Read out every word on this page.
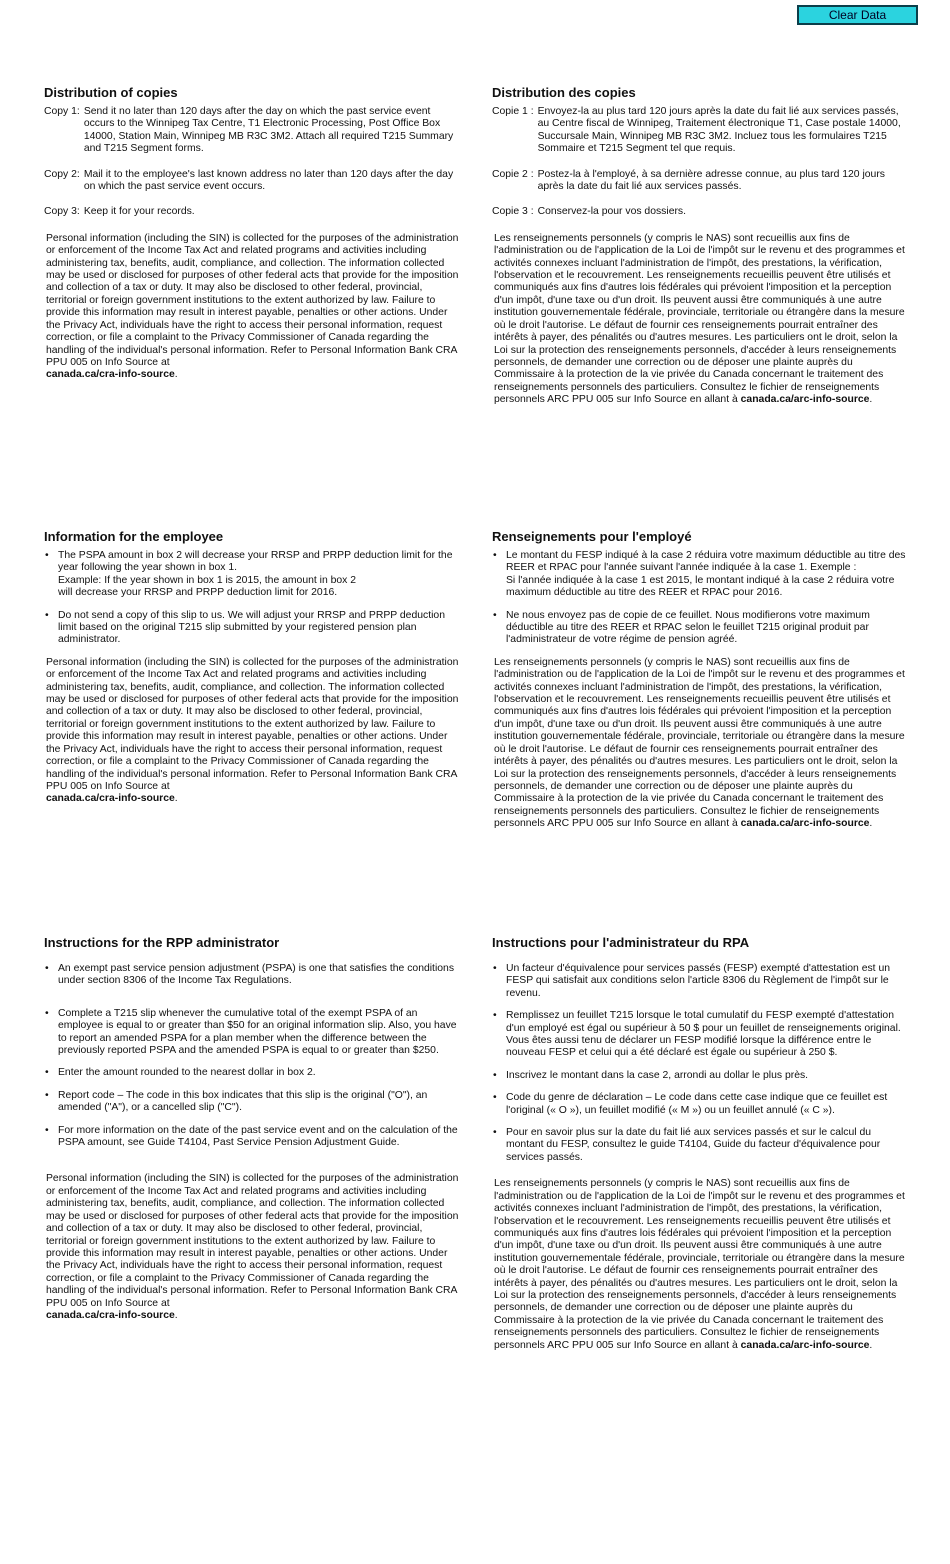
Clear Data
Distribution of copies
Copy 1: Send it no later than 120 days after the day on which the past service event occurs to the Winnipeg Tax Centre, T1 Electronic Processing, Post Office Box 14000, Station Main, Winnipeg MB R3C 3M2. Attach all required T215 Summary and T215 Segment forms.
Copy 2: Mail it to the employee's last known address no later than 120 days after the day on which the past service event occurs.
Copy 3: Keep it for your records.

Personal information (including the SIN) is collected for the purposes of the administration or enforcement of the Income Tax Act and related programs and activities including administering tax, benefits, audit, compliance, and collection. The information collected may be used or disclosed for purposes of other federal acts that provide for the imposition and collection of a tax or duty. It may also be disclosed to other federal, provincial, territorial or foreign government institutions to the extent authorized by law. Failure to provide this information may result in interest payable, penalties or other actions. Under the Privacy Act, individuals have the right to access their personal information, request correction, or file a complaint to the Privacy Commissioner of Canada regarding the handling of the individual's personal information. Refer to Personal Information Bank CRA PPU 005 on Info Source at
canada.ca/cra-info-source.

Distribution des copies
Copie 1 : Envoyez-la au plus tard 120 jours après la date du fait lié aux services passés, au Centre fiscal de Winnipeg, Traitement électronique T1, Case postale 14000, Succursale Main, Winnipeg MB R3C 3M2. Incluez tous les formulaires T215 Sommaire et T215 Segment tel que requis.
Copie 2 : Postez-la à l'employé, à sa dernière adresse connue, au plus tard 120 jours après la date du fait lié aux services passés.
Copie 3 : Conservez-la pour vos dossiers.

Les renseignements personnels (y compris le NAS) sont recueillis aux fins de l'administration ou de l'application de la Loi de l'impôt sur le revenu et des programmes et activités connexes incluant l'administration de l'impôt, des prestations, la vérification, l'observation et le recouvrement. Les renseignements recueillis peuvent être utilisés et communiqués aux fins d'autres lois fédérales qui prévoient l'imposition et la perception d'un impôt, d'une taxe ou d'un droit. Ils peuvent aussi être communiqués à une autre institution gouvernementale fédérale, provinciale, territoriale ou étrangère dans la mesure où le droit l'autorise. Le défaut de fournir ces renseignements pourrait entraîner des intérêts à payer, des pénalités ou d'autres mesures. Les particuliers ont le droit, selon la Loi sur la protection des renseignements personnels, d'accéder à leurs renseignements personnels, de demander une correction ou de déposer une plainte auprès du Commissaire à la protection de la vie privée du Canada concernant le traitement des renseignements personnels des particuliers. Consultez le fichier de renseignements personnels ARC PPU 005 sur Info Source en allant à canada.ca/arc-info-source.

Information for the employee
• The PSPA amount in box 2 will decrease your RRSP and PRPP deduction limit for the year following the year shown in box 1.
Example: If the year shown in box 1 is 2015, the amount in box 2
will decrease your RRSP and PRPP deduction limit for 2016.
• Do not send a copy of this slip to us. We will adjust your RRSP and PRPP deduction limit based on the original T215 slip submitted by your registered pension plan administrator.

Personal information (including the SIN) is collected for the purposes of the administration or enforcement of the Income Tax Act and related programs and activities including administering tax, benefits, audit, compliance, and collection. The information collected may be used or disclosed for purposes of other federal acts that provide for the imposition and collection of a tax or duty. It may also be disclosed to other federal, provincial, territorial or foreign government institutions to the extent authorized by law. Failure to provide this information may result in interest payable, penalties or other actions. Under the Privacy Act, individuals have the right to access their personal information, request correction, or file a complaint to the Privacy Commissioner of Canada regarding the handling of the individual's personal information. Refer to Personal Information Bank CRA PPU 005 on Info Source at
canada.ca/cra-info-source.

Renseignements pour l'employé
• Le montant du FESP indiqué à la case 2 réduira votre maximum déductible au titre des REER et RPAC pour l'année suivant l'année indiquée à la case 1. Exemple :
Si l'année indiquée à la case 1 est 2015, le montant indiqué à la case 2 réduira votre maximum déductible au titre des REER et RPAC pour 2016.
• Ne nous envoyez pas de copie de ce feuillet. Nous modifierons votre maximum déductible au titre des REER et RPAC selon le feuillet T215 original produit par l'administrateur de votre régime de pension agréé.

Les renseignements personnels (y compris le NAS) sont recueillis aux fins de l'administration ou de l'application de la Loi de l'impôt sur le revenu et des programmes et activités connexes incluant l'administration de l'impôt, des prestations, la vérification, l'observation et le recouvrement. Les renseignements recueillis peuvent être utilisés et communiqués aux fins d'autres lois fédérales qui prévoient l'imposition et la perception d'un impôt, d'une taxe ou d'un droit. Ils peuvent aussi être communiqués à une autre institution gouvernementale fédérale, provinciale, territoriale ou étrangère dans la mesure où le droit l'autorise. Le défaut de fournir ces renseignements pourrait entraîner des intérêts à payer, des pénalités ou d'autres mesures. Les particuliers ont le droit, selon la Loi sur la protection des renseignements personnels, d'accéder à leurs renseignements personnels, de demander une correction ou de déposer une plainte auprès du Commissaire à la protection de la vie privée du Canada concernant le traitement des renseignements personnels des particuliers. Consultez le fichier de renseignements personnels ARC PPU 005 sur Info Source en allant à canada.ca/arc-info-source.

Instructions for the RPP administrator
• An exempt past service pension adjustment (PSPA) is one that satisfies the conditions under section 8306 of the Income Tax Regulations.
• Complete a T215 slip whenever the cumulative total of the exempt PSPA of an employee is equal to or greater than $50 for an original information slip. Also, you have to report an amended PSPA for a plan member when the difference between the previously reported PSPA and the amended PSPA is equal to or greater than $250.
• Enter the amount rounded to the nearest dollar in box 2.
• Report code – The code in this box indicates that this slip is the original ("O"), an amended ("A"), or a cancelled slip ("C").
• For more information on the date of the past service event and on the calculation of the PSPA amount, see Guide T4104, Past Service Pension Adjustment Guide.

Personal information (including the SIN) is collected for the purposes of the administration or enforcement of the Income Tax Act and related programs and activities including administering tax, benefits, audit, compliance, and collection. The information collected may be used or disclosed for purposes of other federal acts that provide for the imposition and collection of a tax or duty. It may also be disclosed to other federal, provincial, territorial or foreign government institutions to the extent authorized by law. Failure to provide this information may result in interest payable, penalties or other actions. Under the Privacy Act, individuals have the right to access their personal information, request correction, or file a complaint to the Privacy Commissioner of Canada regarding the handling of the individual's personal information. Refer to Personal Information Bank CRA PPU 005 on Info Source at
canada.ca/cra-info-source.

Instructions pour l'administrateur du RPA
• Un facteur d'équivalence pour services passés (FESP) exempté d'attestation est un FESP qui satisfait aux conditions selon l'article 8306 du Règlement de l'impôt sur le revenu.
• Remplissez un feuillet T215 lorsque le total cumulatif du FESP exempté d'attestation d'un employé est égal ou supérieur à 50 $ pour un feuillet de renseignements original. Vous êtes aussi tenu de déclarer un FESP modifié lorsque la différence entre le nouveau FESP et celui qui a été déclaré est égale ou supérieur à 250 $.
• Inscrivez le montant dans la case 2, arrondi au dollar le plus près.
• Code du genre de déclaration – Le code dans cette case indique que ce feuillet est l'original (« O »), un feuillet modifié (« M ») ou un feuillet annulé (« C »).
• Pour en savoir plus sur la date du fait lié aux services passés et sur le calcul du montant du FESP, consultez le guide T4104, Guide du facteur d'équivalence pour services passés.

Les renseignements personnels (y compris le NAS) sont recueillis aux fins de l'administration ou de l'application de la Loi de l'impôt sur le revenu et des programmes et activités connexes incluant l'administration de l'impôt, des prestations, la vérification, l'observation et le recouvrement. Les renseignements recueillis peuvent être utilisés et communiqués aux fins d'autres lois fédérales qui prévoient l'imposition et la perception d'un impôt, d'une taxe ou d'un droit. Ils peuvent aussi être communiqués à une autre institution gouvernementale fédérale, provinciale, territoriale ou étrangère dans la mesure où le droit l'autorise. Le défaut de fournir ces renseignements pourrait entraîner des intérêts à payer, des pénalités ou d'autres mesures. Les particuliers ont le droit, selon la Loi sur la protection des renseignements personnels, d'accéder à leurs renseignements personnels, de demander une correction ou de déposer une plainte auprès du Commissaire à la protection de la vie privée du Canada concernant le traitement des renseignements personnels des particuliers. Consultez le fichier de renseignements personnels ARC PPU 005 sur Info Source en allant à canada.ca/arc-info-source.
